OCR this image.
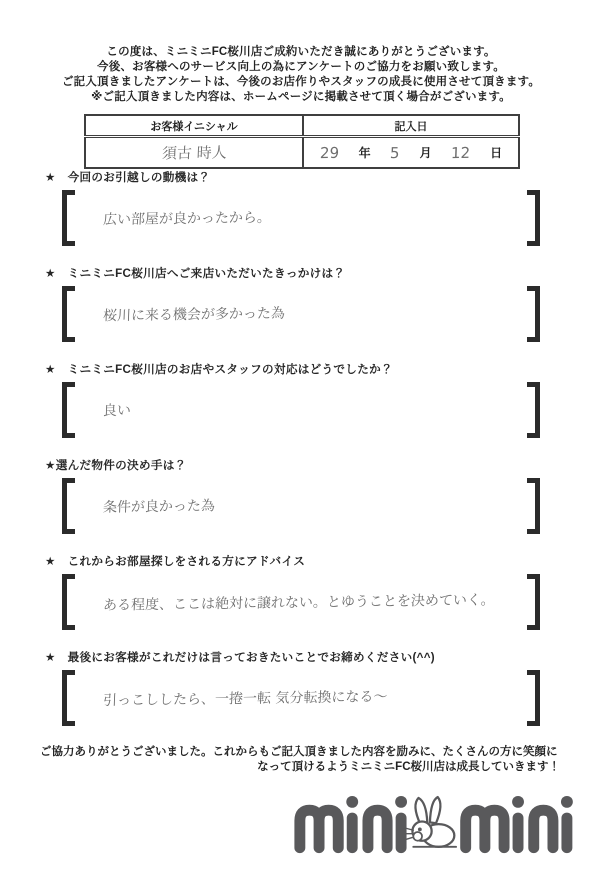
この度は、ミニミニFC桜川店ご成約いただき誠にありがとうございます。
今後、お客様へのサービス向上の為にアンケートのご協力をお願い致します。
ご記入頂きましたアンケートは、今後のお店作りやスタッフの成長に使用させて頂きます。
※ご記入頂きました内容は、ホームページに掲載させて頂く場合がございます。
お客様イニシャル	記入日
須古 時人	29 年 5 月 12 日
★　今回のお引越しの動機は？
広い部屋が良かったから。
★　ミニミニFC桜川店へご来店いただいたきっかけは？
桜川に来る機会が多かった為
★　ミニミニFC桜川店のお店やスタッフの対応はどうでしたか？
良い
★選んだ物件の決め手は？
条件が良かった為
★　これからお部屋探しをされる方にアドバイス
ある程度、ここは絶対に譲れない。とゆうことを決めていく。
★　最後にお客様がこれだけは言っておきたいことでお締めください(^^)
引っこししたら、一捲一転 気分転換になる～
ご協力ありがとうございました。これからもご記入頂きました内容を励みに、たくさんの方に笑顔に
なって頂けるようミニミニFC桜川店は成長していきます！
